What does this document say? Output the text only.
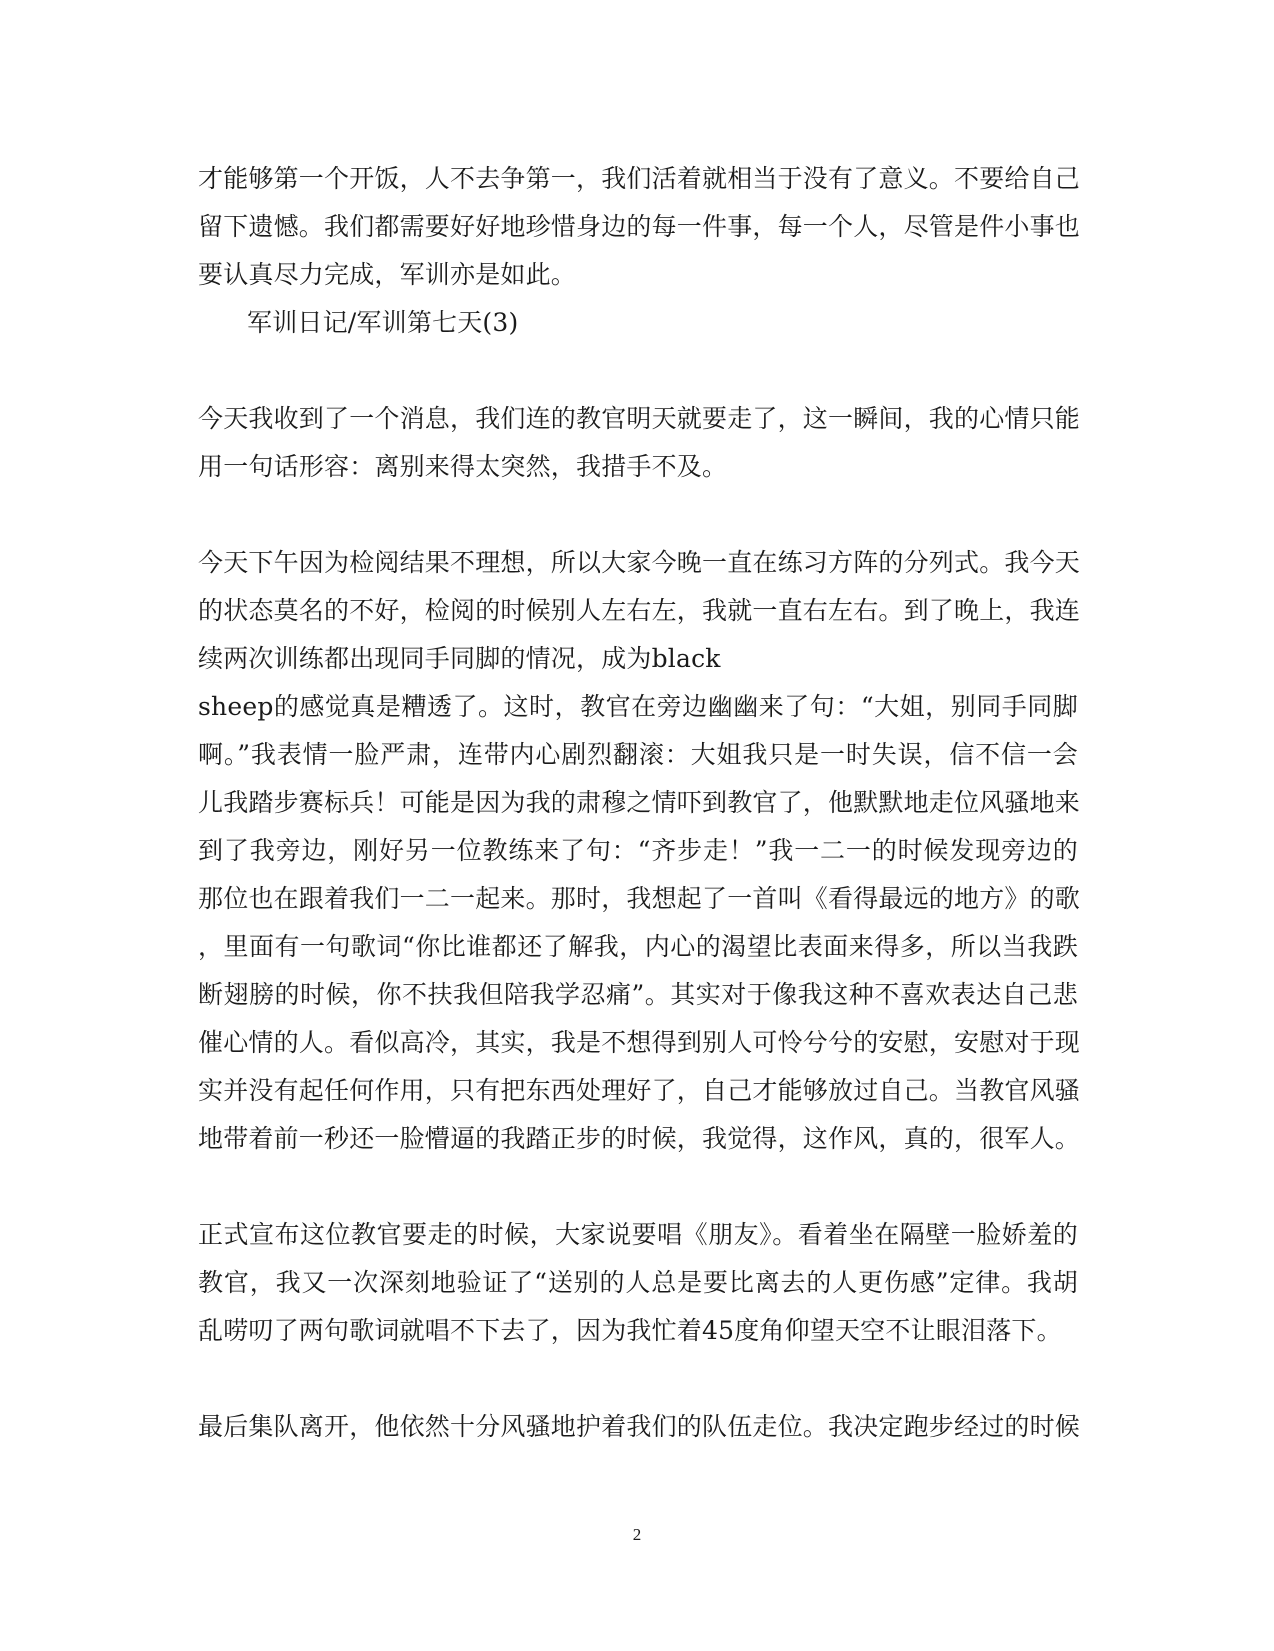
才能够第一个开饭，人不去争第一，我们活着就相当于没有了意义。不要给自己
留下遗憾。我们都需要好好地珍惜身边的每一件事，每一个人，尽管是件小事也
要认真尽力完成，军训亦是如此。
军训日记/军训第七天(3)
今天我收到了一个消息，我们连的教官明天就要走了，这一瞬间，我的心情只能
用一句话形容：离别来得太突然，我措手不及。
今天下午因为检阅结果不理想，所以大家今晚一直在练习方阵的分列式。我今天
的状态莫名的不好，检阅的时候别人左右左，我就一直右左右。到了晚上，我连
续两次训练都出现同手同脚的情况，成为black
sheep的感觉真是糟透了。这时，教官在旁边幽幽来了句：“大姐，别同手同脚
啊。”我表情一脸严肃，连带内心剧烈翻滚：大姐我只是一时失误，信不信一会
儿我踏步赛标兵！可能是因为我的肃穆之情吓到教官了，他默默地走位风骚地来
到了我旁边，刚好另一位教练来了句：“齐步走！”我一二一的时候发现旁边的
那位也在跟着我们一二一起来。那时，我想起了一首叫《看得最远的地方》的歌
，里面有一句歌词“你比谁都还了解我，内心的渴望比表面来得多，所以当我跌
断翅膀的时候，你不扶我但陪我学忍痛”。其实对于像我这种不喜欢表达自己悲
催心情的人。看似高冷，其实，我是不想得到别人可怜兮兮的安慰，安慰对于现
实并没有起任何作用，只有把东西处理好了，自己才能够放过自己。当教官风骚
地带着前一秒还一脸懵逼的我踏正步的时候，我觉得，这作风，真的，很军人。
正式宣布这位教官要走的时候，大家说要唱《朋友》。看着坐在隔壁一脸娇羞的
教官，我又一次深刻地验证了“送别的人总是要比离去的人更伤感”定律。我胡
乱唠叨了两句歌词就唱不下去了，因为我忙着45度角仰望天空不让眼泪落下。
最后集队离开，他依然十分风骚地护着我们的队伍走位。我决定跑步经过的时候
2
